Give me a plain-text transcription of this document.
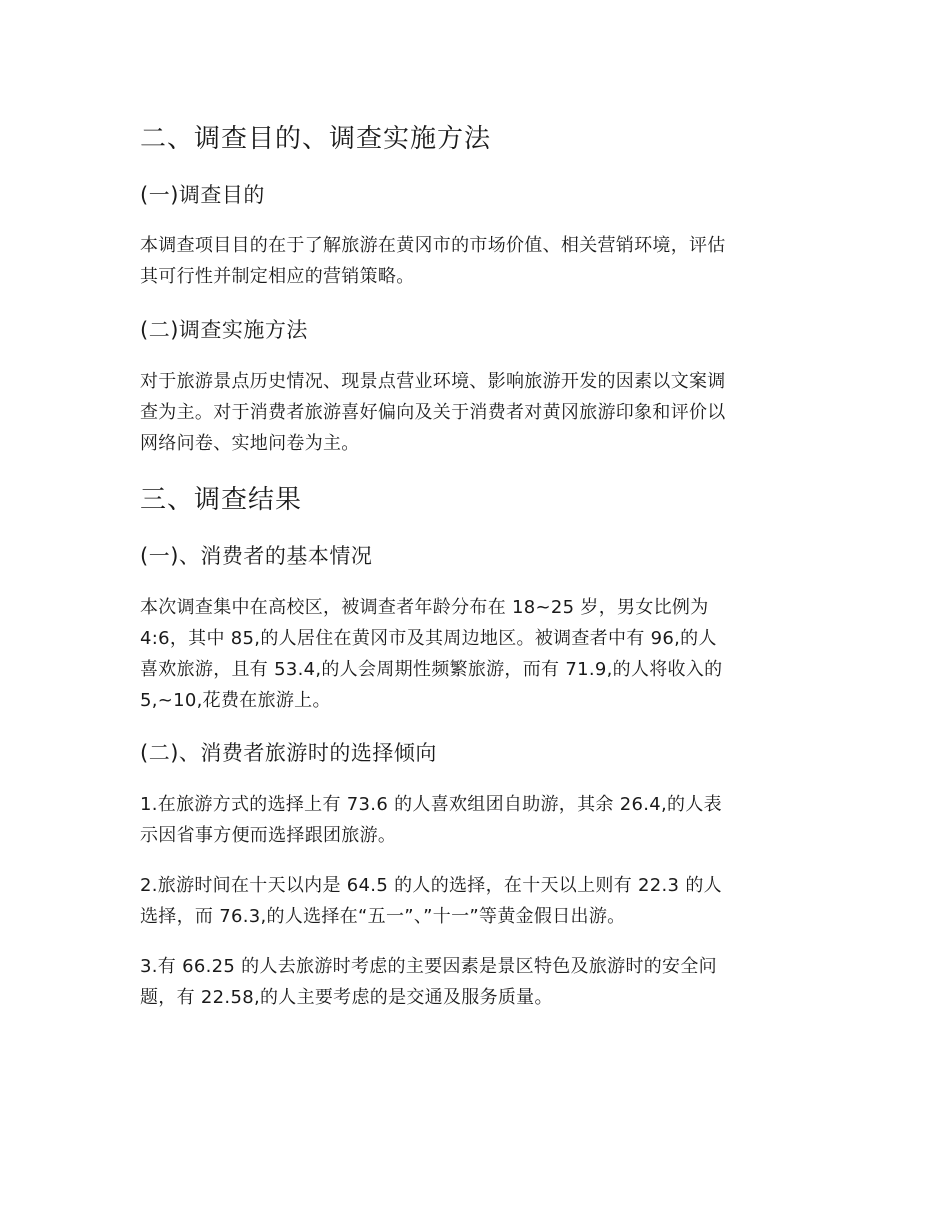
二、调查目的、调查实施方法
(一)调查目的
本调查项目目的在于了解旅游在黄冈市的市场价值、相关营销环境，评估
其可行性并制定相应的营销策略。
(二)调查实施方法
对于旅游景点历史情况、现景点营业环境、影响旅游开发的因素以文案调
查为主。对于消费者旅游喜好偏向及关于消费者对黄冈旅游印象和评价以
网络问卷、实地问卷为主。
三、调查结果
(一)、消费者的基本情况
本次调查集中在高校区，被调查者年龄分布在 18~25 岁，男女比例为
4:6，其中 85,的人居住在黄冈市及其周边地区。被调查者中有 96,的人
喜欢旅游，且有 53.4,的人会周期性频繁旅游，而有 71.9,的人将收入的
5,~10,花费在旅游上。
(二)、消费者旅游时的选择倾向
1.在旅游方式的选择上有 73.6 的人喜欢组团自助游，其余 26.4,的人表
示因省事方便而选择跟团旅游。
2.旅游时间在十天以内是 64.5 的人的选择，在十天以上则有 22.3 的人
选择，而 76.3,的人选择在“五一”、”十一”等黄金假日出游。
3.有 66.25 的人去旅游时考虑的主要因素是景区特色及旅游时的安全问
题，有 22.58,的人主要考虑的是交通及服务质量。
